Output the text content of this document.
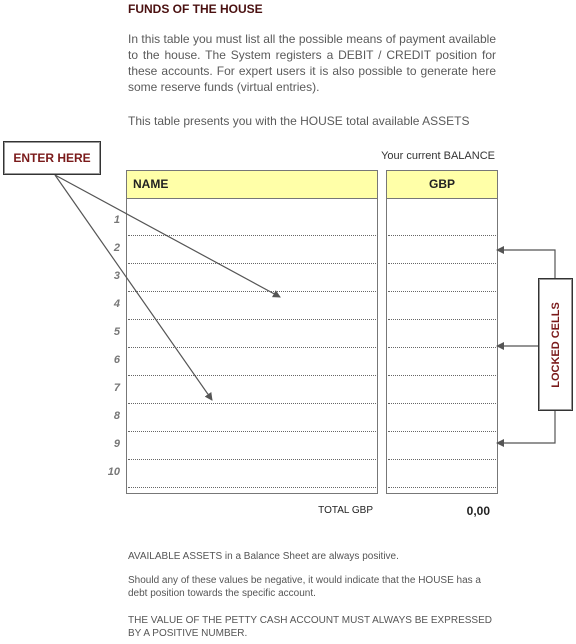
FUNDS OF THE HOUSE
In this table you must list all the possible means of payment available to the house. The System registers a DEBIT / CREDIT position for these accounts. For expert users it is also possible to generate here some reserve funds (virtual entries).
This table presents you with the HOUSE total available ASSETS
Your current BALANCE
NAME	GBP
1
2
3
4
5
6
7
8
9
10
TOTAL GBP	0,00
AVAILABLE ASSETS in a Balance Sheet are always positive.
Should any of these values be negative, it would indicate that the HOUSE has a debt position towards the specific account.
THE VALUE OF THE PETTY CASH ACCOUNT MUST ALWAYS BE EXPRESSED BY A POSITIVE NUMBER.
ENTER HERE
LOCKED CELLS
